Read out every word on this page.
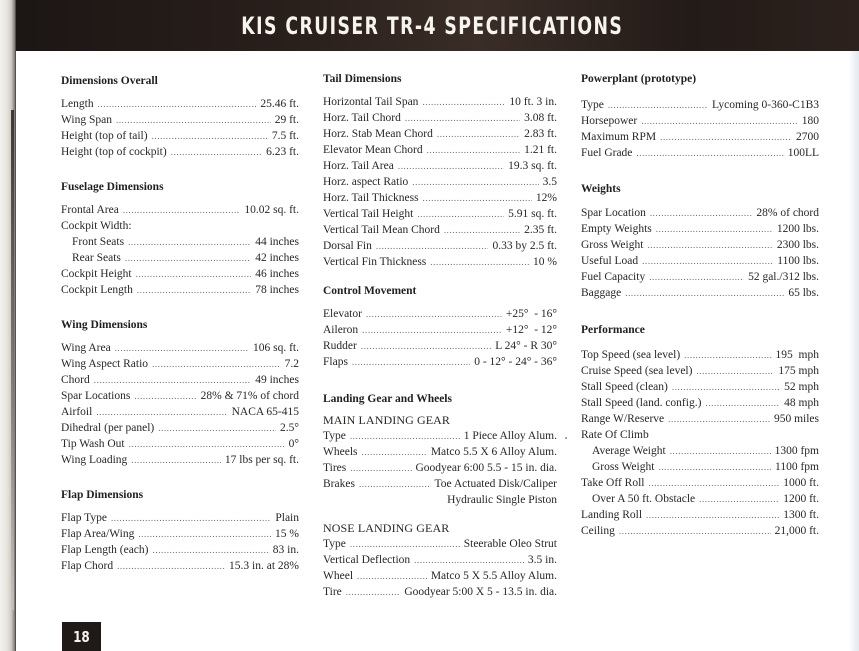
KIS CRUISER TR-4 SPECIFICATIONS
Dimensions Overall
Length .....	25.46 ft.
Wing Span .....	29 ft.
Height (top of tail) .....	7.5 ft.
Height (top of cockpit) .....	6.23 ft.
Fuselage Dimensions
Frontal Area .....	10.02 sq. ft.
Cockpit Width:
Front Seats .....	44 inches
Rear Seats .....	42 inches
Cockpit Height .....	46 inches
Cockpit Length .....	78 inches
Wing Dimensions
Wing Area .....	106 sq. ft.
Wing Aspect Ratio .....	7.2
Chord .....	49 inches
Spar Locations .....	28% & 71% of chord
Airfoil .....	NACA 65-415
Dihedral (per panel) .....	2.5°
Tip Wash Out .....	0°
Wing Loading .....	17 lbs per sq. ft.
Flap Dimensions
Flap Type .....	Plain
Flap Area/Wing .....	15 %
Flap Length (each) .....	83 in.
Flap Chord .....	15.3 in. at 28%
Tail Dimensions
Horizontal Tail Span .....	10 ft. 3 in.
Horz. Tail Chord .....	3.08 ft.
Horz. Stab Mean Chord .....	2.83 ft.
Elevator Mean Chord .....	1.21 ft.
Horz. Tail Area .....	19.3 sq. ft.
Horz. aspect Ratio .....	3.5
Horz. Tail Thickness .....	12%
Vertical Tail Height .....	5.91 sq. ft.
Vertical Tail Mean Chord .....	2.35 ft.
Dorsal Fin .....	0.33 by 2.5 ft.
Vertical Fin Thickness .....	10 %
Control Movement
Elevator .....	+25°  - 16°
Aileron .....	+12°  - 12°
Rudder .....	L 24° - R 30°
Flaps .....	0 - 12° - 24° - 36°
Landing Gear and Wheels
MAIN LANDING GEAR
Type .....	1 Piece Alloy Alum.
Wheels .....	Matco 5.5 X 6 Alloy Alum.
Tires .....	Goodyear 6:00 5.5 - 15 in. dia.
Brakes .....	Toe Actuated Disk/Caliper
Hydraulic Single Piston
NOSE LANDING GEAR
Type .....	Steerable Oleo Strut
Vertical Deflection .....	3.5 in.
Wheel .....	Matco 5 X 5.5 Alloy Alum.
Tire .....	Goodyear 5:00 X 5 - 13.5 in. dia.
Powerplant (prototype)
Type .....	Lycoming 0-360-C1B3
Horsepower .....	180
Maximum RPM .....	2700
Fuel Grade .....	100LL
Weights
Spar Location .....	28% of chord
Empty Weights .....	1200 lbs.
Gross Weight .....	2300 lbs.
Useful Load .....	1100 lbs.
Fuel Capacity .....	52 gal./312 lbs.
Baggage .....	65 lbs.
Performance
Top Speed (sea level) .....	195  mph
Cruise Speed (sea level) .....	175 mph
Stall Speed (clean) .....	52 mph
Stall Speed (land. config.) .....	48 mph
Range W/Reserve .....	950 miles
Rate Of Climb
Average Weight .....	1300 fpm
Gross Weight .....	1100 fpm
Take Off Roll .....	1000 ft.
Over A 50 ft. Obstacle .....	1200 ft.
Landing Roll .....	1300 ft.
Ceiling .....	21,000 ft.
18
